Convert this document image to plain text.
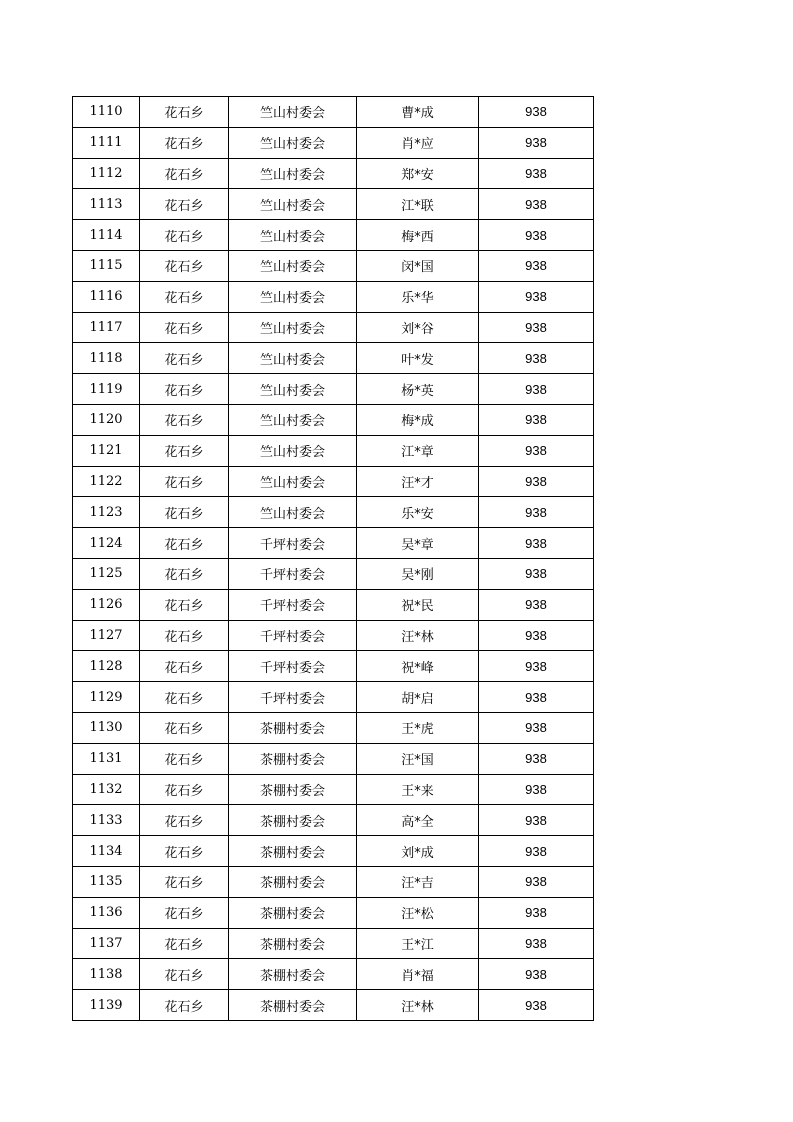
1110	花石乡	竺山村委会	曹*成	938
1111	花石乡	竺山村委会	肖*应	938
1112	花石乡	竺山村委会	郑*安	938
1113	花石乡	竺山村委会	江*联	938
1114	花石乡	竺山村委会	梅*西	938
1115	花石乡	竺山村委会	闵*国	938
1116	花石乡	竺山村委会	乐*华	938
1117	花石乡	竺山村委会	刘*谷	938
1118	花石乡	竺山村委会	叶*发	938
1119	花石乡	竺山村委会	杨*英	938
1120	花石乡	竺山村委会	梅*成	938
1121	花石乡	竺山村委会	江*章	938
1122	花石乡	竺山村委会	汪*才	938
1123	花石乡	竺山村委会	乐*安	938
1124	花石乡	千坪村委会	吴*章	938
1125	花石乡	千坪村委会	吴*刚	938
1126	花石乡	千坪村委会	祝*民	938
1127	花石乡	千坪村委会	汪*林	938
1128	花石乡	千坪村委会	祝*峰	938
1129	花石乡	千坪村委会	胡*启	938
1130	花石乡	茶棚村委会	王*虎	938
1131	花石乡	茶棚村委会	汪*国	938
1132	花石乡	茶棚村委会	王*来	938
1133	花石乡	茶棚村委会	高*全	938
1134	花石乡	茶棚村委会	刘*成	938
1135	花石乡	茶棚村委会	汪*吉	938
1136	花石乡	茶棚村委会	汪*松	938
1137	花石乡	茶棚村委会	王*江	938
1138	花石乡	茶棚村委会	肖*福	938
1139	花石乡	茶棚村委会	汪*林	938
